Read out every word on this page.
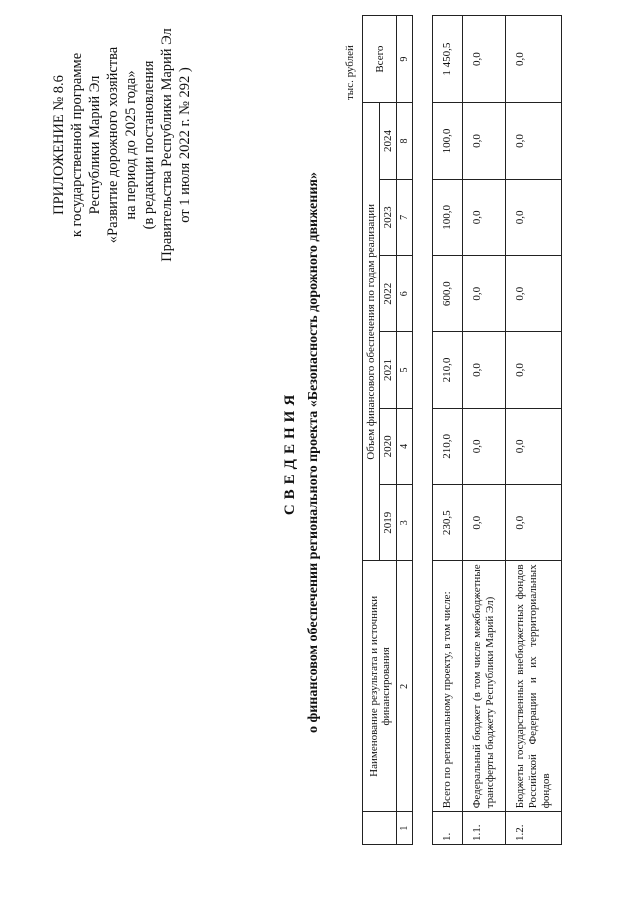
ПРИЛОЖЕНИЕ № 8.6 к государственной программе Республики Марий Эл «Развитие дорожного хозяйства на период до 2025 года» (в редакции постановления Правительства Республики Марий Эл от 1 июля 2022 г. № 292 )
СВЕДЕНИЯ о финансовом обеспечении регионального проекта «Безопасность дорожного движения»
тыс. рублей
	Наименование результата и источники финансирования	Объем финансового обеспечения по годам реализации						Всего
		2019	2020	2021	2022	2023	2024	
1	2	3	4	5	6	7	8	9
1.	Всего по региональному проекту, в том числе:	230,5	210,0	210,0	600,0	100,0	100,0	1 450,5
1.1.	Федеральный бюджет (в том числе межбюджетные трансферты бюджету Республики Марий Эл)	0,0	0,0	0,0	0,0	0,0	0,0	0,0
1.2.	Бюджеты государственных внебюджетных фондов Российской Федерации и их территориальных фондов	0,0	0,0	0,0	0,0	0,0	0,0	0,0
